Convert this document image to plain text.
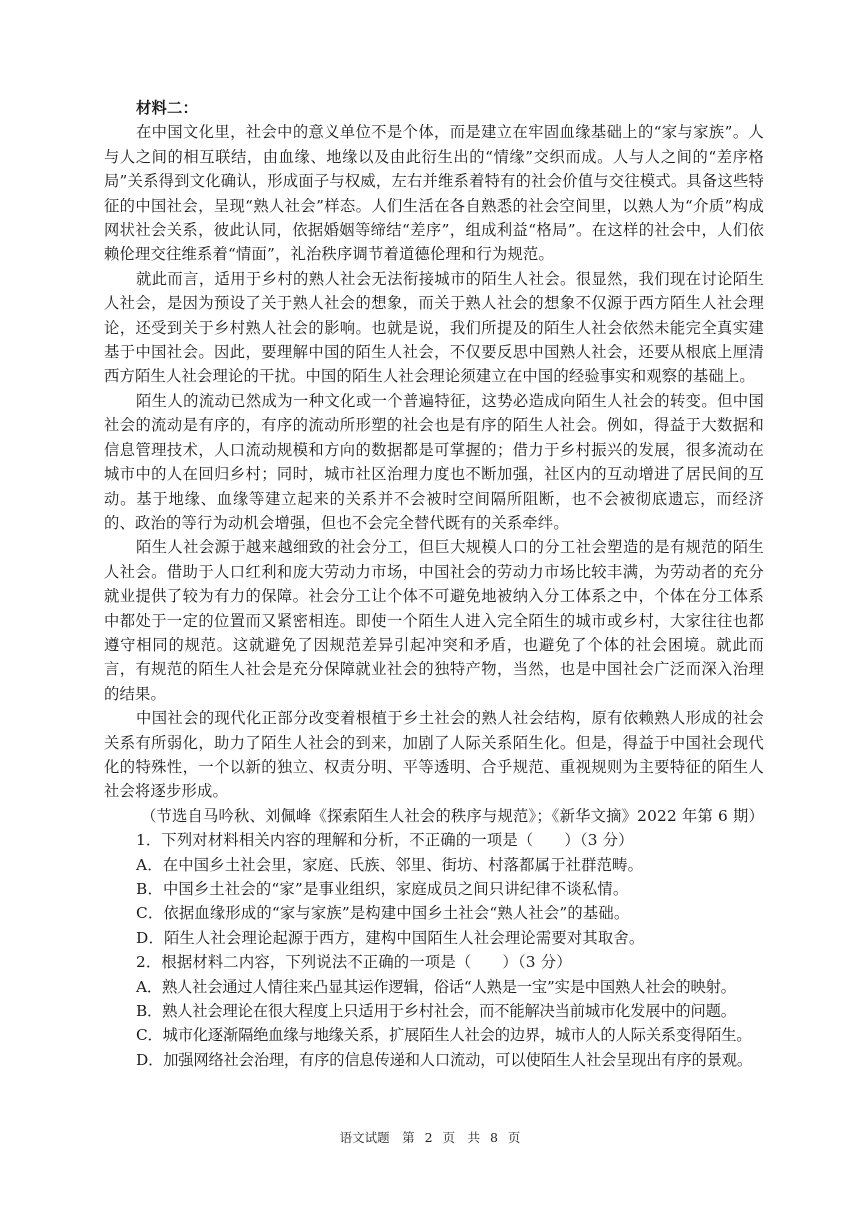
材料二：

在中国文化里，社会中的意义单位不是个体，而是建立在牢固血缘基础上的“家与家族”。人与人之间的相互联结，由血缘、地缘以及由此衍生出的“情缘”交织而成。人与人之间的“差序格局”关系得到文化确认，形成面子与权威，左右并维系着特有的社会价值与交往模式。具备这些特征的中国社会，呈现“熟人社会”样态。人们生活在各自熟悉的社会空间里，以熟人为“介质”构成网状社会关系，彼此认同，依据婚姻等缔结“差序”，组成利益“格局”。在这样的社会中，人们依赖伦理交往维系着“情面”，礼治秩序调节着道德伦理和行为规范。

就此而言，适用于乡村的熟人社会无法衔接城市的陌生人社会。很显然，我们现在讨论陌生人社会，是因为预设了关于熟人社会的想象，而关于熟人社会的想象不仅源于西方陌生人社会理论，还受到关于乡村熟人社会的影响。也就是说，我们所提及的陌生人社会依然未能完全真实建基于中国社会。因此，要理解中国的陌生人社会，不仅要反思中国熟人社会，还要从根底上厘清西方陌生人社会理论的干扰。中国的陌生人社会理论须建立在中国的经验事实和观察的基础上。

陌生人的流动已然成为一种文化或一个普遍特征，这势必造成向陌生人社会的转变。但中国社会的流动是有序的，有序的流动所形塑的社会也是有序的陌生人社会。例如，得益于大数据和信息管理技术，人口流动规模和方向的数据都是可掌握的；借力于乡村振兴的发展，很多流动在城市中的人在回归乡村；同时，城市社区治理力度也不断加强，社区内的互动增进了居民间的互动。基于地缘、血缘等建立起来的关系并不会被时空间隔所阻断，也不会被彻底遗忘，而经济的、政治的等行为动机会增强，但也不会完全替代既有的关系牵绊。

陌生人社会源于越来越细致的社会分工，但巨大规模人口的分工社会塑造的是有规范的陌生人社会。借助于人口红利和庞大劳动力市场，中国社会的劳动力市场比较丰满，为劳动者的充分就业提供了较为有力的保障。社会分工让个体不可避免地被纳入分工体系之中，个体在分工体系中都处于一定的位置而又紧密相连。即使一个陌生人进入完全陌生的城市或乡村，大家往往也都遵守相同的规范。这就避免了因规范差异引起冲突和矛盾，也避免了个体的社会困境。就此而言，有规范的陌生人社会是充分保障就业社会的独特产物，当然，也是中国社会广泛而深入治理的结果。

中国社会的现代化正部分改变着根植于乡土社会的熟人社会结构，原有依赖熟人形成的社会关系有所弱化，助力了陌生人社会的到来，加剧了人际关系陌生化。但是，得益于中国社会现代化的特殊性，一个以新的独立、权责分明、平等透明、合乎规范、重视规则为主要特征的陌生人社会将逐步形成。

（节选自马吟秋、刘佩峰《探索陌生人社会的秩序与规范》；《新华文摘》2022 年第 6 期）

1．下列对材料相关内容的理解和分析，不正确的一项是（　　）（3 分）

A．在中国乡土社会里，家庭、氏族、邻里、街坊、村落都属于社群范畴。

B．中国乡土社会的“家”是事业组织，家庭成员之间只讲纪律不谈私情。

C．依据血缘形成的“家与家族”是构建中国乡土社会“熟人社会”的基础。

D．陌生人社会理论起源于西方，建构中国陌生人社会理论需要对其取舍。

2．根据材料二内容，下列说法不正确的一项是（　　）（3 分）

A．熟人社会通过人情往来凸显其运作逻辑，俗话“人熟是一宝”实是中国熟人社会的映射。

B．熟人社会理论在很大程度上只适用于乡村社会，而不能解决当前城市化发展中的问题。

C．城市化逐渐隔绝血缘与地缘关系，扩展陌生人社会的边界，城市人的人际关系变得陌生。

D．加强网络社会治理，有序的信息传递和人口流动，可以使陌生人社会呈现出有序的景观。

语文试题　第 2 页　共 8 页
